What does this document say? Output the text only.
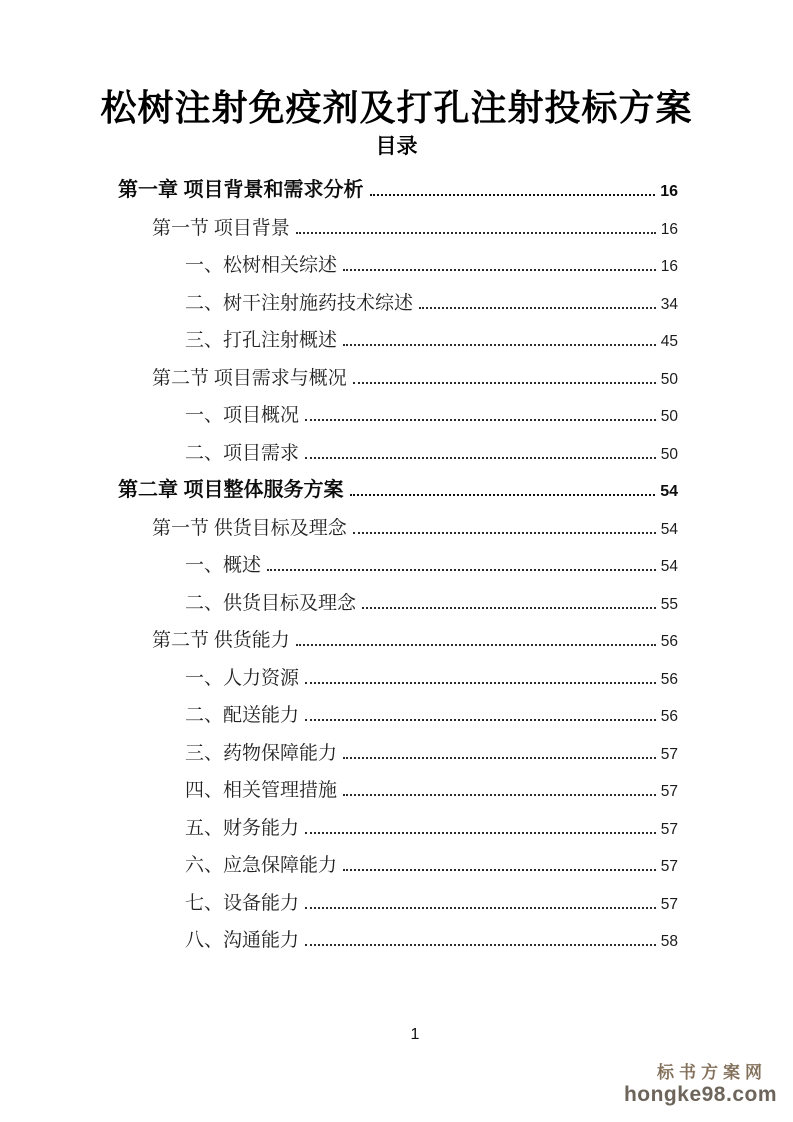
松树注射免疫剂及打孔注射投标方案
目录
第一章 项目背景和需求分析	16
第一节 项目背景	16
一、松树相关综述	16
二、树干注射施药技术综述	34
三、打孔注射概述	45
第二节 项目需求与概况	50
一、项目概况	50
二、项目需求	50
第二章 项目整体服务方案	54
第一节 供货目标及理念	54
一、概述	54
二、供货目标及理念	55
第二节 供货能力	56
一、人力资源	56
二、配送能力	56
三、药物保障能力	57
四、相关管理措施	57
五、财务能力	57
六、应急保障能力	57
七、设备能力	57
八、沟通能力	58
1
标书方案网
hongke98.com
